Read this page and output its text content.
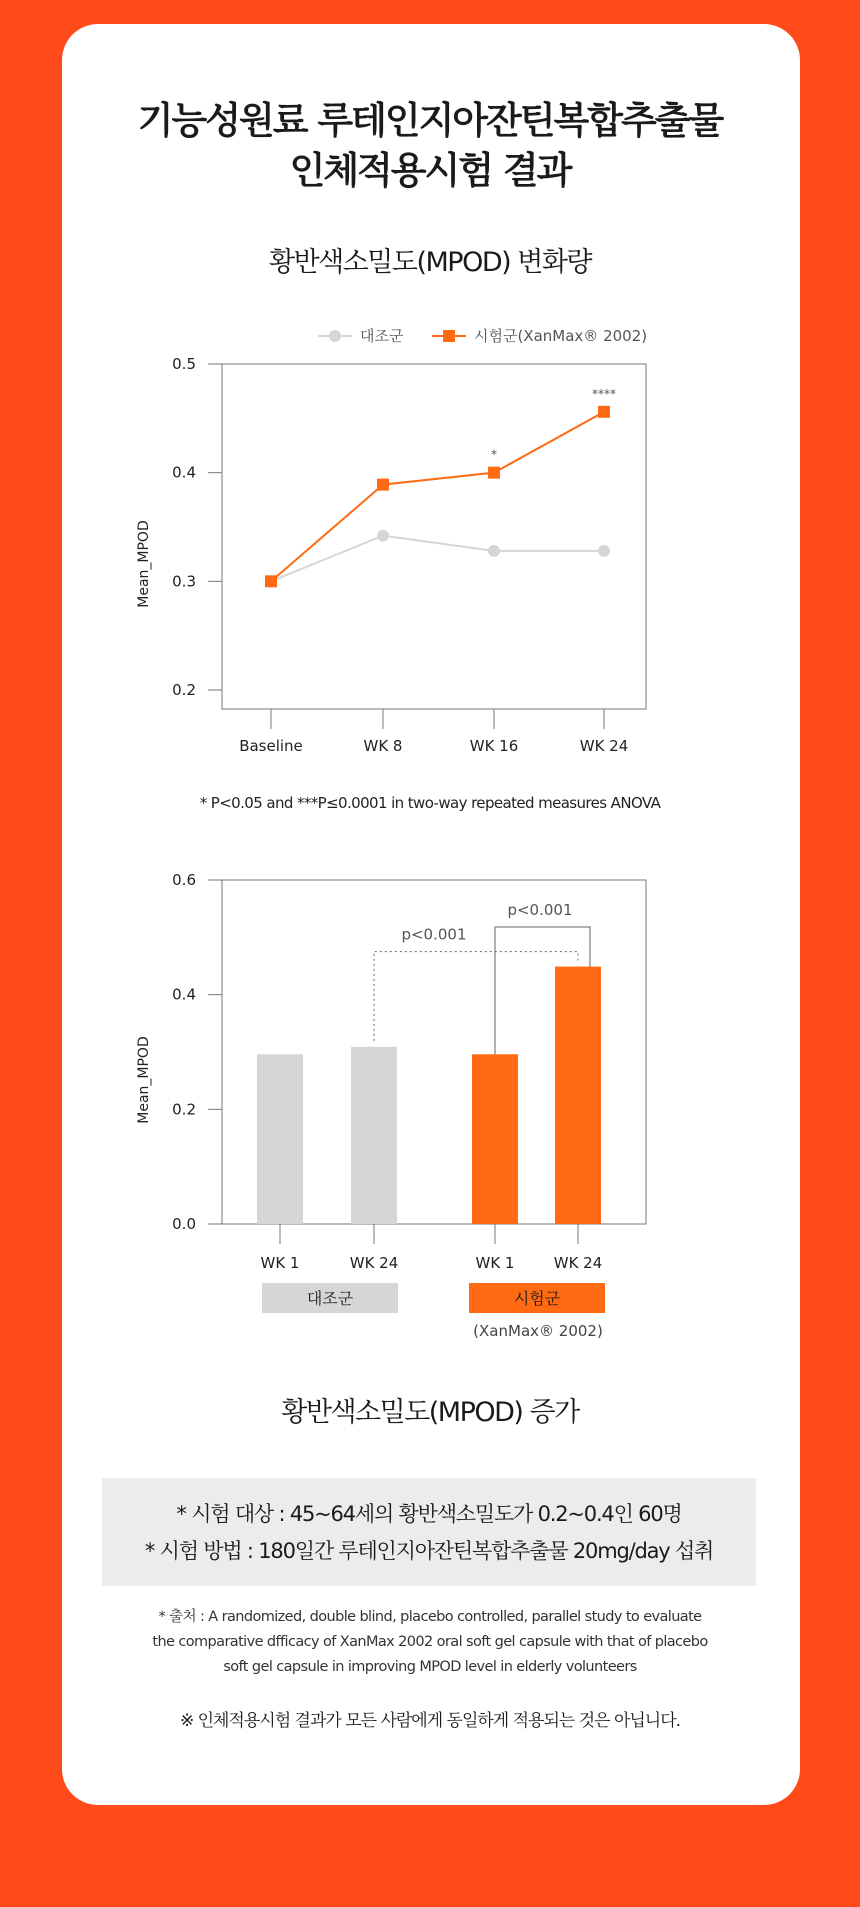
기능성원료 루테인지아잔틴복합추출물
인체적용시험 결과
황반색소밀도(MPOD) 변화량
대조군	시험군(XanMax® 2002)
0.2
0.3
0.4
0.5
Mean_MPOD
Baseline	WK 8	WK 16	WK 24
*
****
0.0
0.2
0.4
0.6
Mean_MPOD
WK 1	WK 24	WK 1	WK 24
p<0.001
p<0.001
대조군	시험군
(XanMax® 2002)
* P<0.05 and ***P≤0.0001 in two-way repeated measures ANOVA
황반색소밀도(MPOD) 증가
* 시험 대상 : 45~64세의 황반색소밀도가 0.2~0.4인 60명
* 시험 방법 : 180일간 루테인지아잔틴복합추출물 20mg/day 섭취
* 출처 : A randomized, double blind, placebo controlled, parallel study to evaluate
the comparative dfficacy of XanMax 2002 oral soft gel capsule with that of placebo
soft gel capsule in improving MPOD level in elderly volunteers
※ 인체적용시험 결과가 모든 사람에게 동일하게 적용되는 것은 아닙니다.
